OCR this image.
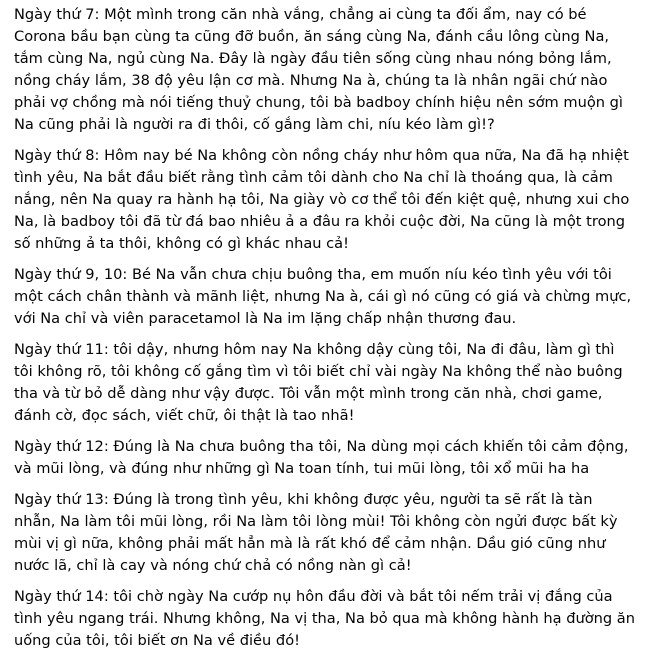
Ngày thứ 7: Một mình trong căn nhà vắng, chẳng ai cùng ta đối ẩm, nay có bé Corona bầu bạn cùng ta cũng đỡ buồn, ăn sáng cùng Na, đánh cầu lông cùng Na, tắm cùng Na, ngủ cùng Na. Đây là ngày đầu tiên sống cùng nhau nóng bỏng lắm, nồng cháy lắm, 38 độ yêu lận cơ mà. Nhưng Na à, chúng ta là nhân ngãi chứ nào phải vợ chồng mà nói tiếng thuỷ chung, tôi bà badboy chính hiệu nên sớm muộn gì Na cũng phải là người ra đi thôi, cố gắng làm chi, níu kéo làm gì!?

Ngày thứ 8: Hôm nay bé Na không còn nồng cháy như hôm qua nữa, Na đã hạ nhiệt tình yêu, Na bắt đầu biết rằng tình cảm tôi dành cho Na chỉ là thoáng qua, là cảm nắng, nên Na quay ra hành hạ tôi, Na giày vò cơ thể tôi đến kiệt quệ, nhưng xui cho Na, là badboy tôi đã từ đá bao nhiêu ả a đâu ra khỏi cuộc đời, Na cũng là một trong số những ả ta thôi, không có gì khác nhau cả!

Ngày thứ 9, 10: Bé Na vẫn chưa chịu buông tha, em muốn níu kéo tình yêu với tôi một cách chân thành và mãnh liệt, nhưng Na à, cái gì nó cũng có giá và chừng mực, với Na chỉ và viên paracetamol là Na im lặng chấp nhận thương đau.

Ngày thứ 11: tôi dậy, nhưng hôm nay Na không dậy cùng tôi, Na đi đâu, làm gì thì tôi không rõ, tôi không cố gắng tìm vì tôi biết chỉ vài ngày Na không thể nào buông tha và từ bỏ dễ dàng như vậy được. Tôi vẫn một mình trong căn nhà, chơi game, đánh cờ, đọc sách, viết chữ, ôi thật là tao nhã!

Ngày thứ 12: Đúng là Na chưa buông tha tôi, Na dùng mọi cách khiến tôi cảm động, và mũi lòng, và đúng như những gì Na toan tính, tui mũi lòng, tôi xổ mũi ha ha

Ngày thứ 13: Đúng là trong tình yêu, khi không được yêu, người ta sẽ rất là tàn nhẫn, Na làm tôi mũi lòng, rồi Na làm tôi lòng mùi! Tôi không còn ngửi được bất kỳ mùi vị gì nữa, không phải mất hẳn mà là rất khó để cảm nhận. Dầu gió cũng như nước lã, chỉ là cay và nóng chứ chả có nồng nàn gì cả!

Ngày thứ 14: tôi chờ ngày Na cướp nụ hôn đầu đời và bắt tôi nếm trải vị đắng của tình yêu ngang trái. Nhưng không, Na vị tha, Na bỏ qua mà không hành hạ đường ăn uống của tôi, tôi biết ơn Na về điều đó!
